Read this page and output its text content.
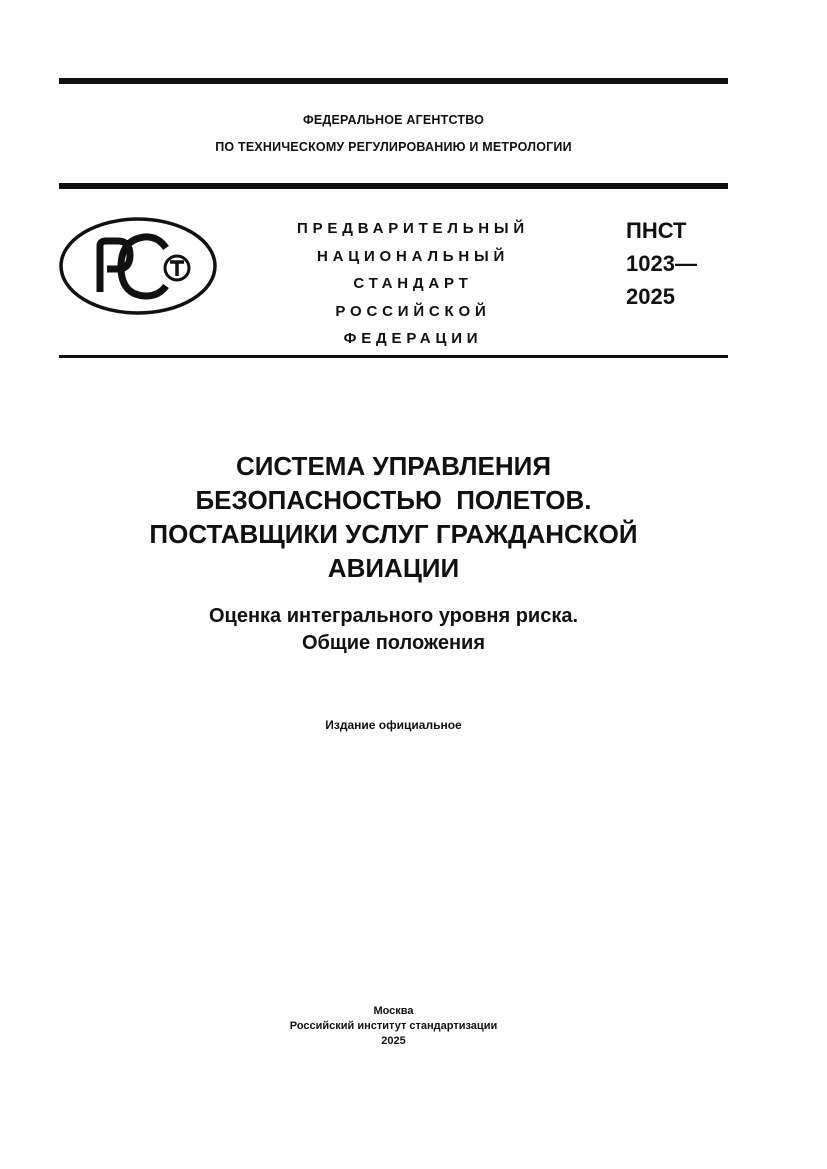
ФЕДЕРАЛЬНОЕ АГЕНТСТВО
ПО ТЕХНИЧЕСКОМУ РЕГУЛИРОВАНИЮ И МЕТРОЛОГИИ
ПРЕДВАРИТЕЛЬНЫЙ
НАЦИОНАЛЬНЫЙ
СТАНДАРТ
РОССИЙСКОЙ
ФЕДЕРАЦИИ
ПНСТ
1023—
2025
СИСТЕМА УПРАВЛЕНИЯ
БЕЗОПАСНОСТЬЮ  ПОЛЕТОВ.
ПОСТАВЩИКИ УСЛУГ ГРАЖДАНСКОЙ
АВИАЦИИ
Оценка интегрального уровня риска.
Общие положения
Издание официальное
Москва
Российский институт стандартизации
2025
